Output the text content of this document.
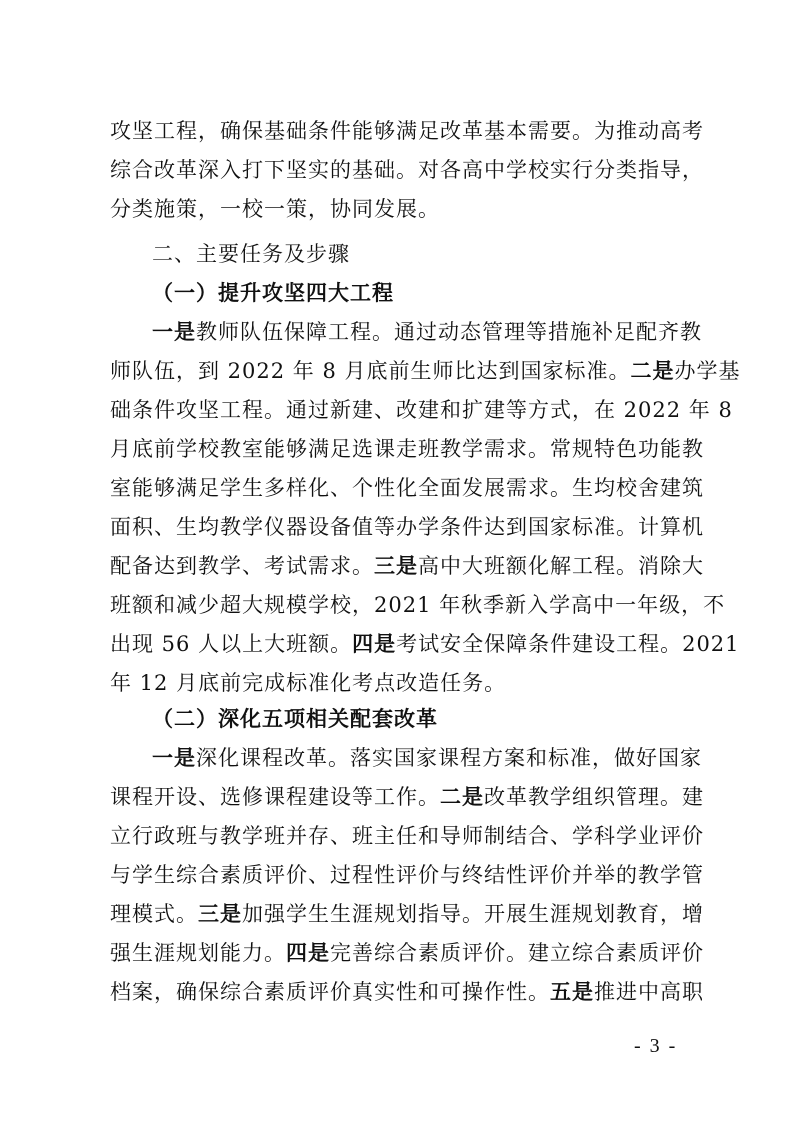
攻坚工程，确保基础条件能够满足改革基本需要。为推动高考
综合改革深入打下坚实的基础。对各高中学校实行分类指导，
分类施策，一校一策，协同发展。
二、主要任务及步骤
（一）提升攻坚四大工程
一是教师队伍保障工程。通过动态管理等措施补足配齐教
师队伍，到 2022 年 8 月底前生师比达到国家标准。二是办学基
础条件攻坚工程。通过新建、改建和扩建等方式，在 2022 年 8
月底前学校教室能够满足选课走班教学需求。常规特色功能教
室能够满足学生多样化、个性化全面发展需求。生均校舍建筑
面积、生均教学仪器设备值等办学条件达到国家标准。计算机
配备达到教学、考试需求。三是高中大班额化解工程。消除大
班额和减少超大规模学校，2021 年秋季新入学高中一年级，不
出现 56 人以上大班额。四是考试安全保障条件建设工程。2021
年 12 月底前完成标准化考点改造任务。
（二）深化五项相关配套改革
一是深化课程改革。落实国家课程方案和标准，做好国家
课程开设、选修课程建设等工作。二是改革教学组织管理。建
立行政班与教学班并存、班主任和导师制结合、学科学业评价
与学生综合素质评价、过程性评价与终结性评价并举的教学管
理模式。三是加强学生生涯规划指导。开展生涯规划教育，增
强生涯规划能力。四是完善综合素质评价。建立综合素质评价
档案，确保综合素质评价真实性和可操作性。五是推进中高职
- 3 -
